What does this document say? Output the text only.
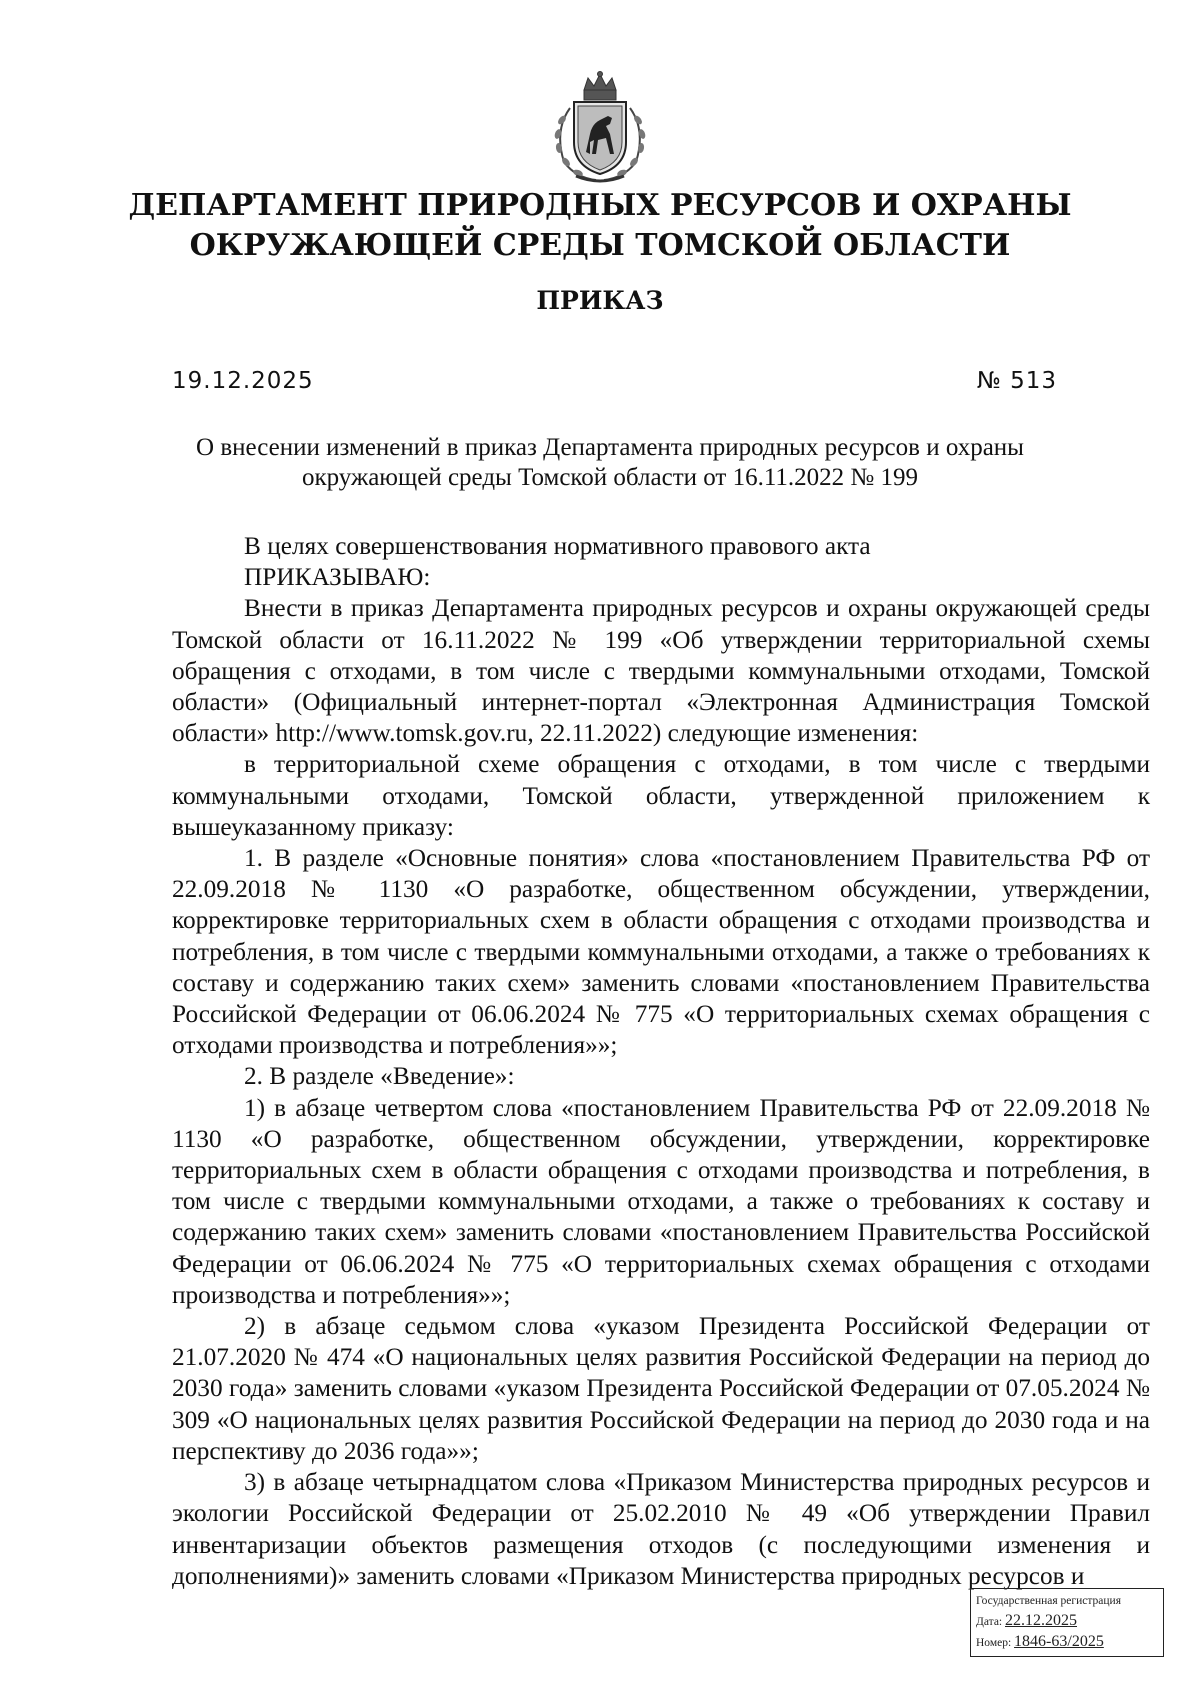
ДЕПАРТАМЕНТ ПРИРОДНЫХ РЕСУРСОВ И ОХРАНЫ
ОКРУЖАЮЩЕЙ СРЕДЫ ТОМСКОЙ ОБЛАСТИ
ПРИКАЗ
19.12.2025	№ 513
О внесении изменений в приказ Департамента природных ресурсов и охраны
окружающей среды Томской области от 16.11.2022 № 199

В целях совершенствования нормативного правового акта

ПРИКАЗЫВАЮ:

Внести в приказ Департамента природных ресурсов и охраны окружающей среды Томской области от 16.11.2022 № 199 «Об утверждении территориальной схемы обращения с отходами, в том числе с твердыми коммунальными отходами, Томской области» (Официальный интернет-портал «Электронная Администрация Томской области» http://www.tomsk.gov.ru, 22.11.2022) следующие изменения:

в территориальной схеме обращения с отходами, в том числе с твердыми коммунальными отходами, Томской области, утвержденной приложением к вышеуказанному приказу:

1. В разделе «Основные понятия» слова «постановлением Правительства РФ от 22.09.2018 № 1130 «О разработке, общественном обсуждении, утверждении, корректировке территориальных схем в области обращения с отходами производства и потребления, в том числе с твердыми коммунальными отходами, а также о требованиях к составу и содержанию таких схем» заменить словами «постановлением Правительства Российской Федерации от 06.06.2024 № 775 «О территориальных схемах обращения с отходами производства и потребления»»;

2. В разделе «Введение»:

1) в абзаце четвертом слова «постановлением Правительства РФ от 22.09.2018 № 1130 «О разработке, общественном обсуждении, утверждении, корректировке территориальных схем в области обращения с отходами производства и потребления, в том числе с твердыми коммунальными отходами, а также о требованиях к составу и содержанию таких схем» заменить словами «постановлением Правительства Российской Федерации от 06.06.2024 № 775 «О территориальных схемах обращения с отходами производства и потребления»»;

2) в абзаце седьмом слова «указом Президента Российской Федерации от 21.07.2020 № 474 «О национальных целях развития Российской Федерации на период до 2030 года» заменить словами «указом Президента Российской Федерации от 07.05.2024 № 309 «О национальных целях развития Российской Федерации на период до 2030 года и на перспективу до 2036 года»»;

3) в абзаце четырнадцатом слова «Приказом Министерства природных ресурсов и экологии Российской Федерации от 25.02.2010 № 49 «Об утверждении Правил инвентаризации объектов размещения отходов (с последующими изменения и дополнениями)» заменить словами «Приказом Министерства природных ресурсов и

Государственная регистрация
Дата: 22.12.2025
Номер: 1846-63/2025
